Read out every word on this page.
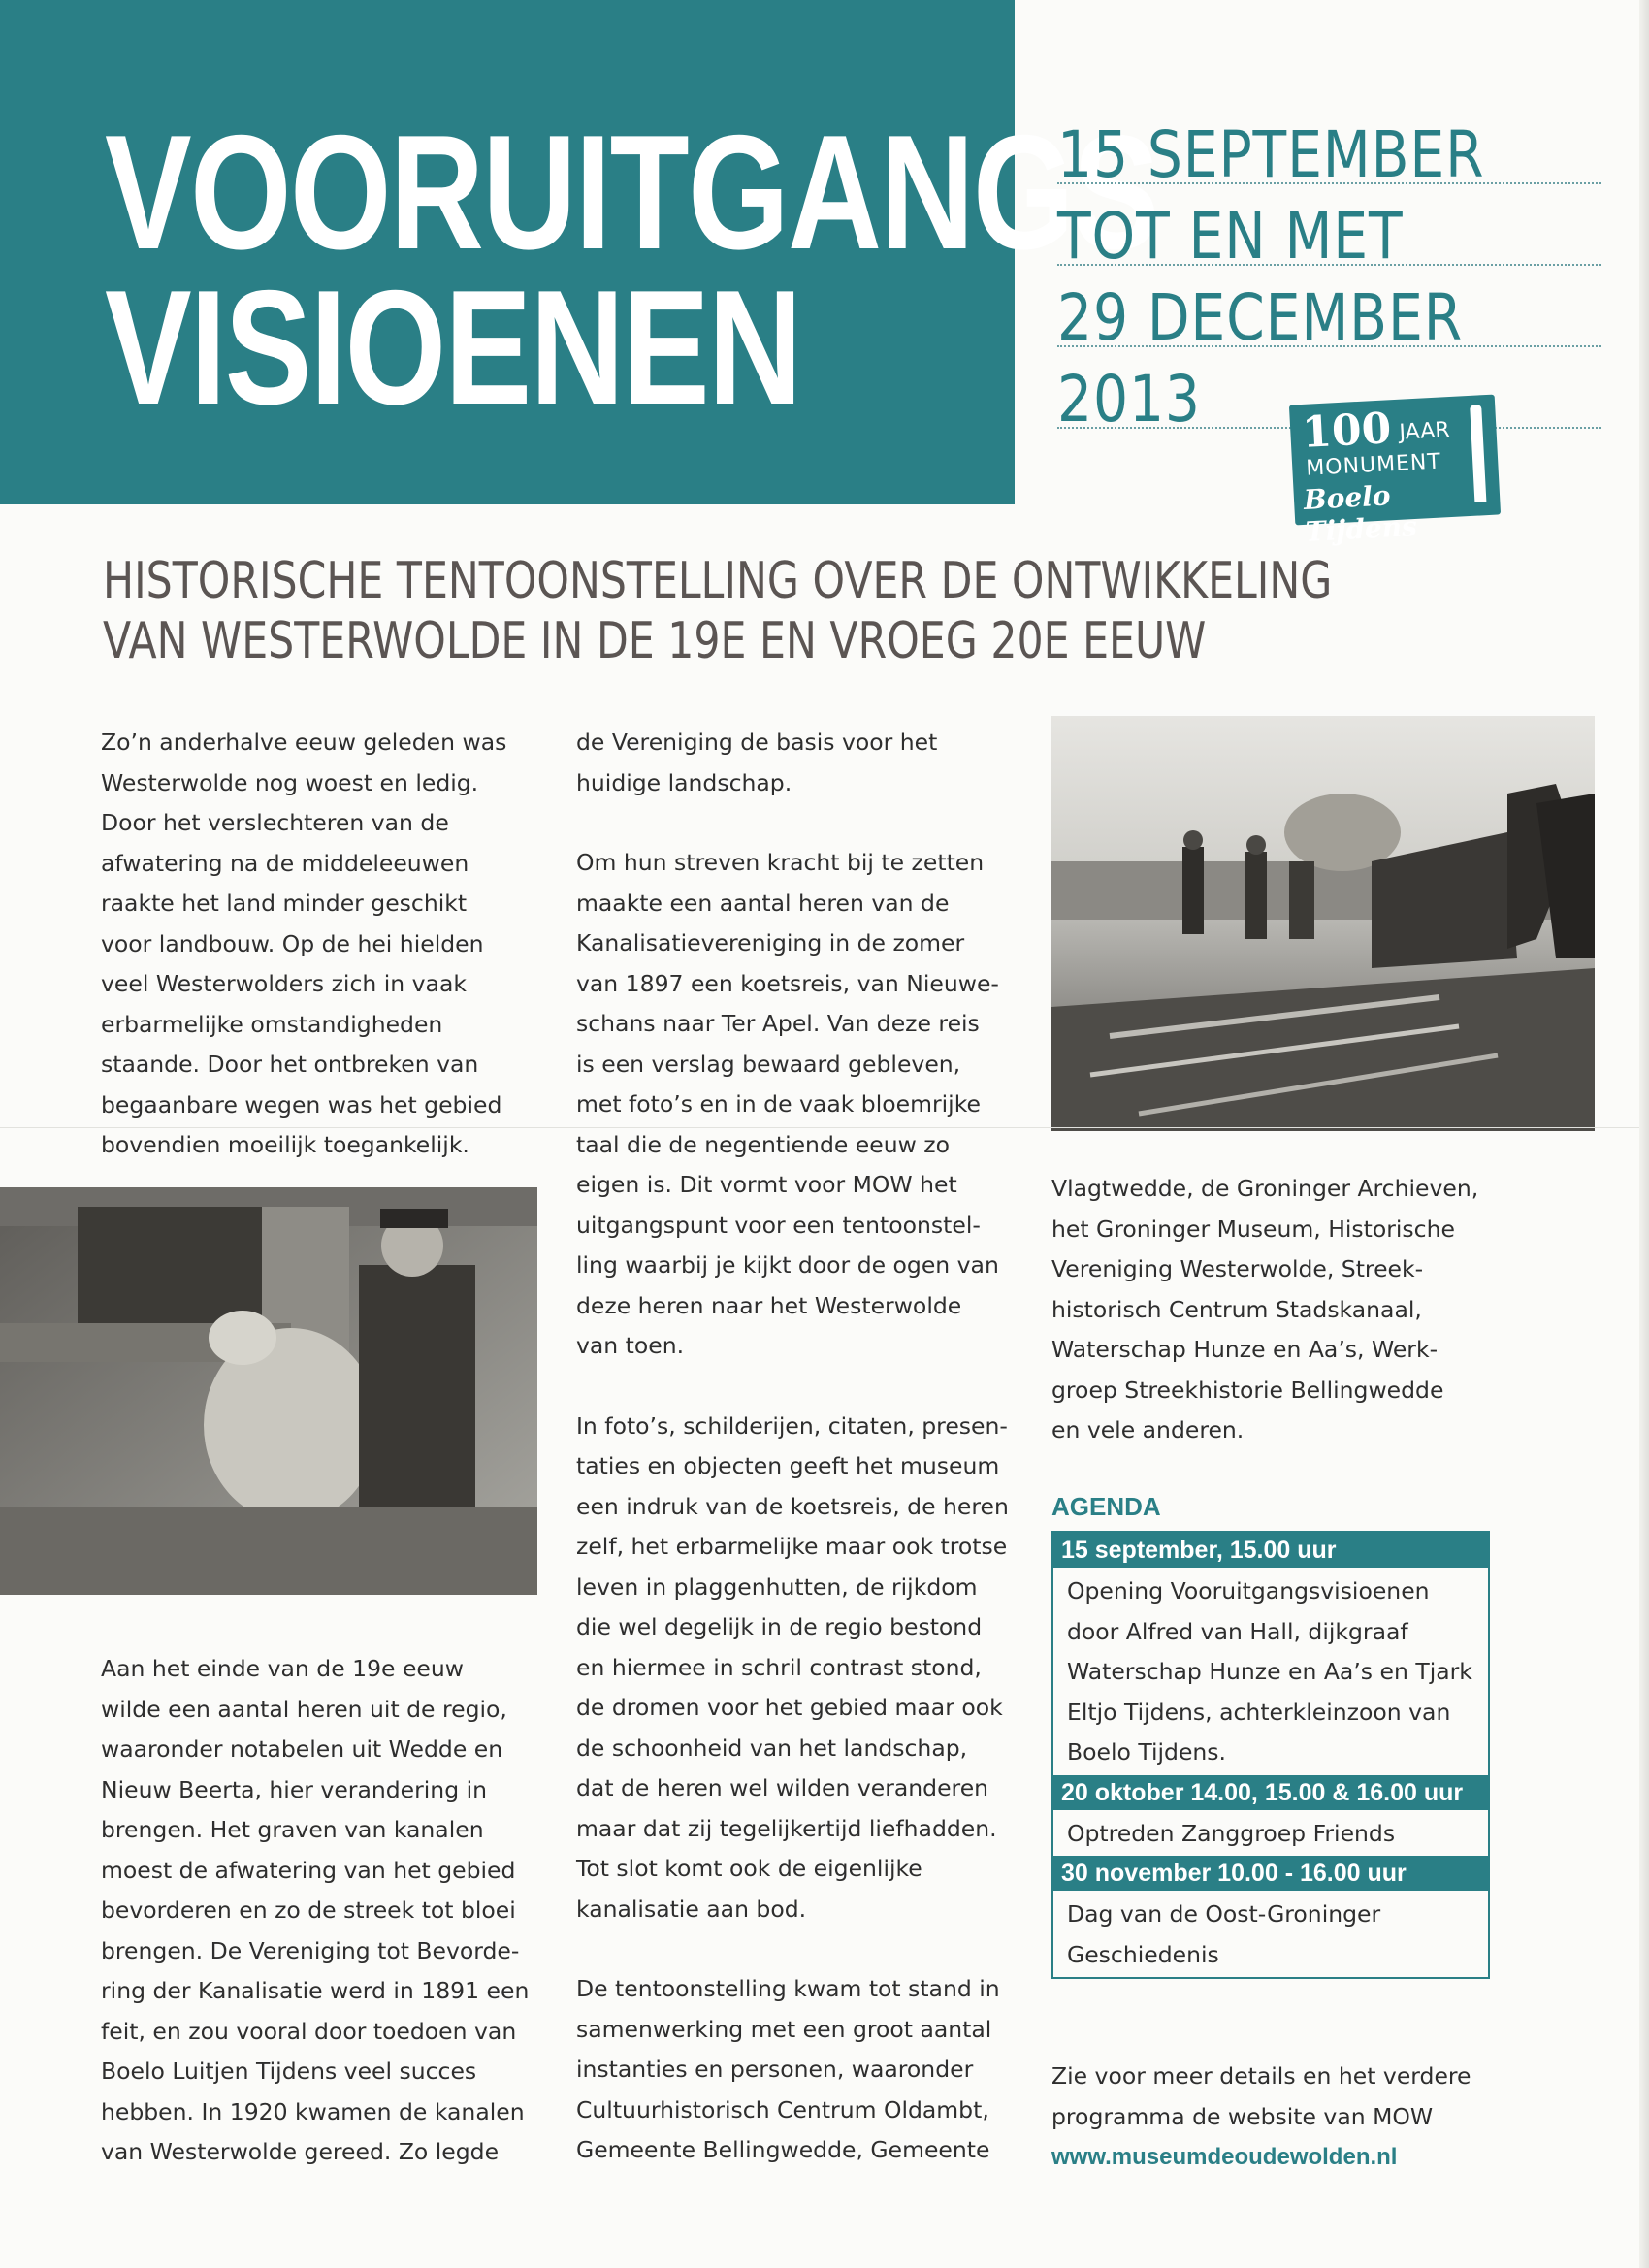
VOORUITGANGS
VISIOENEN
15 SEPTEMBER
TOT EN MET
29 DECEMBER
2013 100 JAAR
MONUMENT
Boelo Tijdens
HISTORISCHE TENTOONSTELLING OVER DE ONTWIKKELING
VAN WESTERWOLDE IN DE 19E EN VROEG 20E EEUW

Zo’n anderhalve eeuw geleden was
Westerwolde nog woest en ledig.
Door het verslechteren van de
afwatering na de middeleeuwen
raakte het land minder geschikt
voor landbouw. Op de hei hielden
veel Westerwolders zich in vaak
erbarmelijke omstandigheden
staande. Door het ontbreken van
begaanbare wegen was het gebied
bovendien moeilijk toegankelijk.

Aan het einde van de 19e eeuw
wilde een aantal heren uit de regio,
waaronder notabelen uit Wedde en
Nieuw Beerta, hier verandering in
brengen. Het graven van kanalen
moest de afwatering van het gebied
bevorderen en zo de streek tot bloei
brengen. De Vereniging tot Bevorde-
ring der Kanalisatie werd in 1891 een
feit, en zou vooral door toedoen van
Boelo Luitjen Tijdens veel succes
hebben. In 1920 kwamen de kanalen
van Westerwolde gereed. Zo legde

de Vereniging de basis voor het
huidige landschap.

Om hun streven kracht bij te zetten
maakte een aantal heren van de
Kanalisatievereniging in de zomer
van 1897 een koetsreis, van Nieuwe-
schans naar Ter Apel. Van deze reis
is een verslag bewaard gebleven,
met foto’s en in de vaak bloemrijke
taal die de negentiende eeuw zo
eigen is. Dit vormt voor MOW het
uitgangspunt voor een tentoonstel-
ling waarbij je kijkt door de ogen van
deze heren naar het Westerwolde
van toen.

In foto’s, schilderijen, citaten, presen-
taties en objecten geeft het museum
een indruk van de koetsreis, de heren
zelf, het erbarmelijke maar ook trotse
leven in plaggenhutten, de rijkdom
die wel degelijk in de regio bestond
en hiermee in schril contrast stond,
de dromen voor het gebied maar ook
de schoonheid van het landschap,
dat de heren wel wilden veranderen
maar dat zij tegelijkertijd liefhadden.
Tot slot komt ook de eigenlijke
kanalisatie aan bod.

De tentoonstelling kwam tot stand in
samenwerking met een groot aantal
instanties en personen, waaronder
Cultuurhistorisch Centrum Oldambt,
Gemeente Bellingwedde, Gemeente

Vlagtwedde, de Groninger Archieven,
het Groninger Museum, Historische
Vereniging Westerwolde, Streek-
historisch Centrum Stadskanaal,
Waterschap Hunze en Aa’s, Werk-
groep Streekhistorie Bellingwedde
en vele anderen.

AGENDA
15 september, 15.00 uur
Opening Vooruitgangsvisioenen
door Alfred van Hall, dijkgraaf
Waterschap Hunze en Aa’s en Tjark
Eltjo Tijdens, achterkleinzoon van
Boelo Tijdens.
20 oktober 14.00, 15.00 & 16.00 uur
Optreden Zanggroep Friends
30 november 10.00 - 16.00 uur
Dag van de Oost-Groninger
Geschiedenis
Zie voor meer details en het verdere
programma de website van MOW
www.museumdeoudewolden.nl
